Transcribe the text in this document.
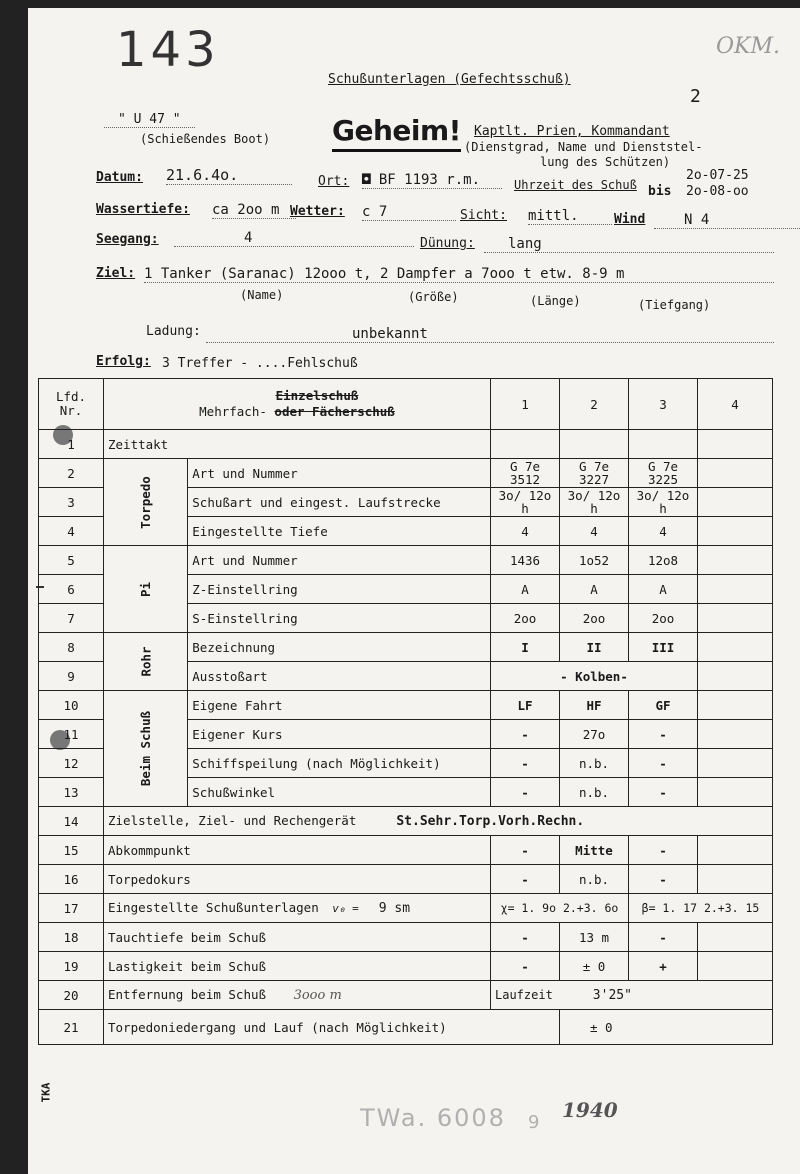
143	OKM.
Schußunterlagen (Gefechtsschuß)
2
" U 47 "
(Schießendes Boot) Geheim! Kaptlt. Prien, Kommandant
(Dienstgrad, Name und Dienststel-
lung des Schützen)
Datum: 21.6.4o.	Ort: ◘ BF 1193 r.m.	Uhrzeit des Schuß
2o-07-25
bis 2o-08-oo
Wassertiefe: ca 2oo m Wetter: c 7	Sicht: mittl.	Wind	N 4
Seegang:	4	Dünung:	lang
Ziel: 1 Tanker (Saranac) 12ooo t, 2 Dampfer a 7ooo t etw. 8-9 m
(Name)	(Größe)	(Länge)	(Tiefgang)
Ladung:	unbekannt
Erfolg: 3 Treffer - ....Fehlschuß
TKA
Lfd. Nr.	Einzelschuß
Mehrfach- oder Fächerschuß		1	2	3	4
1	Zeittakt					
2	Torpedo	Art und Nummer	G 7e 3512	G 7e 3227	G 7e 3225	
3		Schußart und eingest. Laufstrecke	3o/ 12o h	3o/ 12o h	3o/ 12o h	
4		Eingestellte Tiefe	4	4	4	
5	Pi	Art und Nummer	1436	1o52	12o8	
6		Z-Einstellring	A	A	A	
7		S-Einstellring	2oo	2oo	2oo	
8	Rohr	Bezeichnung	I	II	III	
9		Ausstoßart	- Kolben-			
10	Beim Schuß	Eigene Fahrt	LF	HF	GF	
11		Eigener Kurs	-	27o	-	
12		Schiffspeilung (nach Möglichkeit)	-	n.b.	-	
13		Schußwinkel	-	n.b.	-	
14	Zielstelle, Ziel- und Rechengerät St.Sehr.Torp.Vorh.Rechn.					
15	Abkommpunkt		-	Mitte	-	
16	Torpedokurs		-	n.b.	-	
17	Eingestellte Schußunterlagen v₀ = 9 sm		χ= 1. 9o 2.+3. 6o		β= 1. 17 2.+3. 15	
18	Tauchtiefe beim Schuß		-	13 m	-	
19	Lastigkeit beim Schuß		-	± 0	+	
20	Entfernung beim Schuß 3ooo m		Laufzeit 3'25"			
21	Torpedoniedergang und Lauf (nach Möglichkeit)			± 0		
TWa. 6008 9
1940
